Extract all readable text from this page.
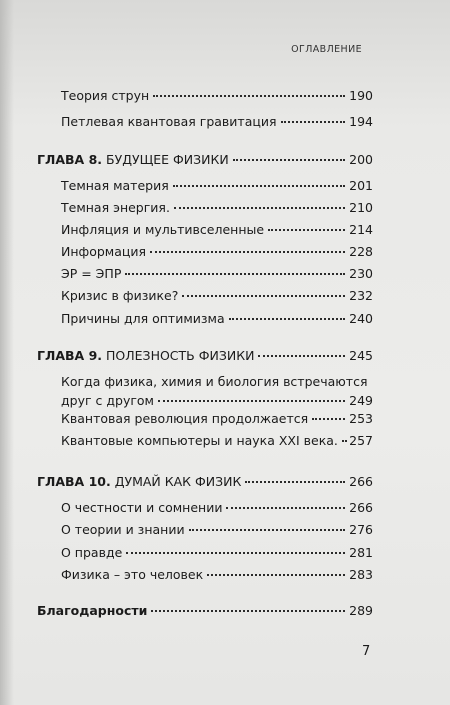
ОГЛАВЛЕНИЕ
Теория струн	190
Петлевая квантовая гравитация	194
ГЛАВА 8. БУДУЩЕЕ ФИЗИКИ	200
Темная материя	201
Темная энергия.	210
Инфляция и мультивселенные	214
Информация	228
ЭР = ЭПР	230
Кризис в физике?	232
Причины для оптимизма	240
ГЛАВА 9. ПОЛЕЗНОСТЬ ФИЗИКИ	245
Когда физика, химия и биология встречаются
друг с другом	249
Квантовая революция продолжается	253
Квантовые компьютеры и наука XXI века. 257
ГЛАВА 10. ДУМАЙ КАК ФИЗИК	266
О честности и сомнении	266
О теории и знании	276
О правде	281
Физика – это человек	283
Благодарности	289
7
